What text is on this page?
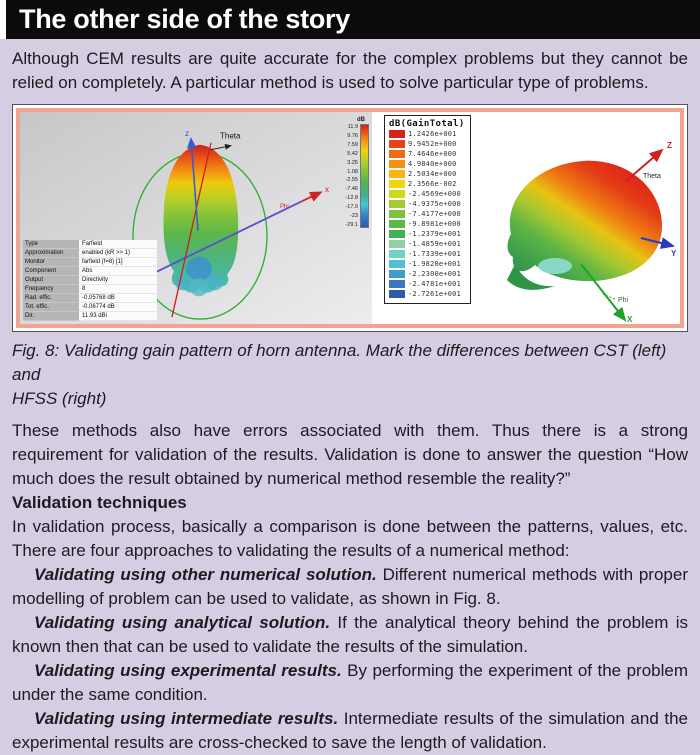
The other side of the story

Although CEM results are quite accurate for the complex problems but they cannot be relied on completely. A particular method is used to solve particular type of problems.

z	Theta
x
Phi
dB
11.9
9.76
7.59
5.42
3.25
1.08
-2.55
-7.46
-12.8
-17.9
-23
-29.1
Type	Farfield
Approximation	enabled (kR >> 1)
Monitor	farfield (f=8) [1]
Component	Abs
Output	Directivity
Frequency	8
Rad. effic.	-0.05768 dB
Tot. effic.	-0.06774 dB
Dir.	11.93 dBi
dB(GainTotal)
1.2426e+001
9.9452e+000
7.4646e+000
4.9840e+000
2.5034e+000
2.3566e-002
-2.4569e+000
-4.9375e+000
-7.4177e+000
-9.8981e+000
-1.2379e+001
-1.4859e+001
-1.7339e+001
-1.9820e+001
-2.2300e+001
-2.4781e+001
-2.7261e+001
Z
Theta
Y
Phi
X
Fig. 8: Validating gain pattern of horn antenna. Mark the differences between CST (left) and
HFSS (right)

These methods also have errors associated with them. Thus there is a strong requirement for validation of the results. Validation is done to answer the question “How much does the result obtained by numerical method resemble the reality?”

Validation techniques

In validation process, basically a comparison is done between the patterns, values, etc. There are four approaches to validating the results of a numerical method:

Validating using other numerical solution. Different numerical methods with proper modelling of problem can be used to validate, as shown in Fig. 8.

Validating using analytical solution. If the analytical theory behind the problem is known then that can be used to validate the results of the simulation.

Validating using experimental results. By performing the experiment of the problem under the same condition.

Validating using intermediate results. Intermediate results of the simulation and the experimental results are cross-checked to save the length of validation.
